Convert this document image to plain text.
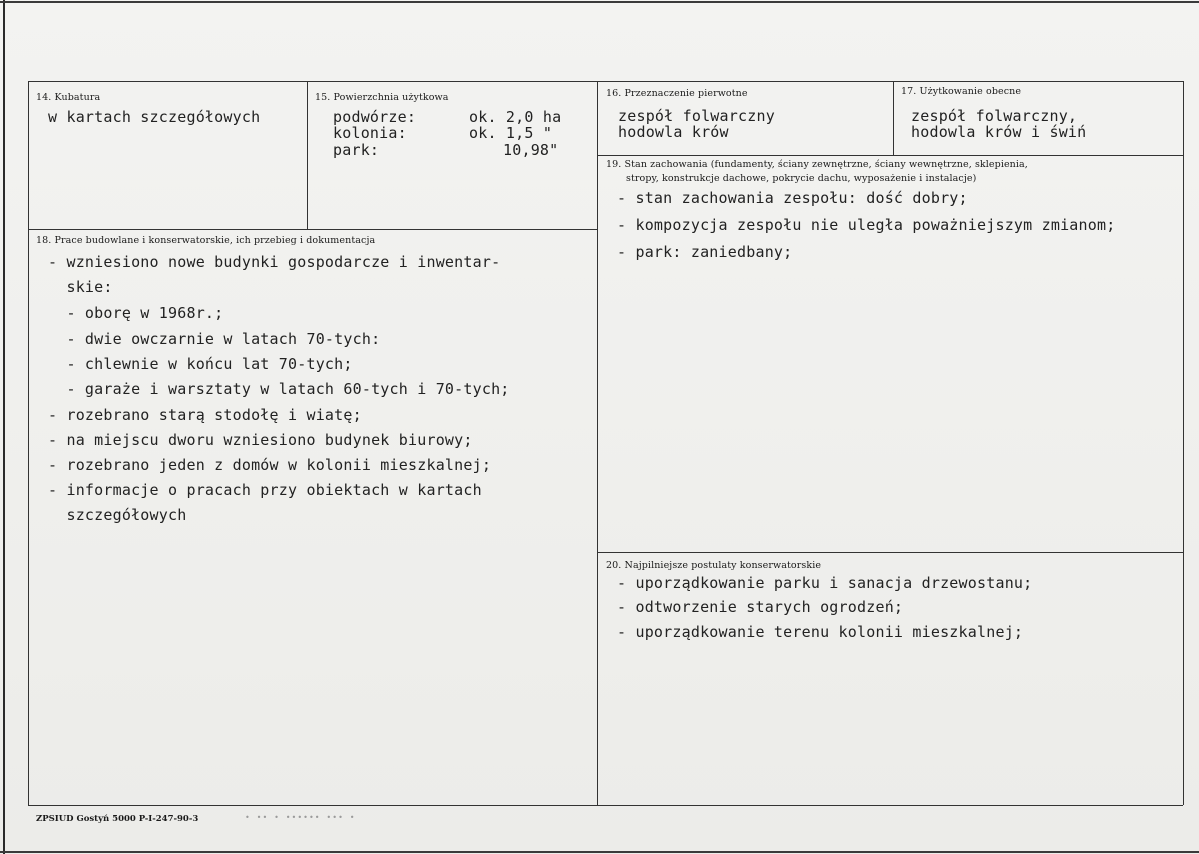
14. Kubatura
w kartach szczegółowych
15. Powierzchnia użytkowa
podwórze:	ok. 2,0 ha
kolonia:	ok. 1,5 "
park:	10,98"
16. Przeznaczenie pierwotne
zespół folwarczny
hodowla krów
17. Użytkowanie obecne
zespół folwarczny,
hodowla krów i świń
19. Stan zachowania (fundamenty, ściany zewnętrzne, ściany wewnętrzne, sklepienia,
stropy, konstrukcje dachowe, pokrycie dachu, wyposażenie i instalacje)
- stan zachowania zespołu: dość dobry;
- kompozycja zespołu nie uległa poważniejszym zmianom;
- park: zaniedbany;
18. Prace budowlane i konserwatorskie, ich przebieg i dokumentacja
- wzniesiono nowe budynki gospodarcze i inwentar-
skie:
- oborę w 1968r.;
- dwie owczarnie w latach 70-tych:
- chlewnie w końcu lat 70-tych;
- garaże i warsztaty w latach 60-tych i 70-tych;
- rozebrano starą stodołę i wiatę;
- na miejscu dworu wzniesiono budynek biurowy;
- rozebrano jeden z domów w kolonii mieszkalnej;
- informacje o pracach przy obiektach w kartach
szczegółowych
20. Najpilniejsze postulaty konserwatorskie
- uporządkowanie parku i sanacja drzewostanu;
- odtworzenie starych ogrodzeń;
- uporządkowanie terenu kolonii mieszkalnej;
ZPSIUD Gostyń 5000 P-I-247-90-3	• •• • •••••• ••• •
